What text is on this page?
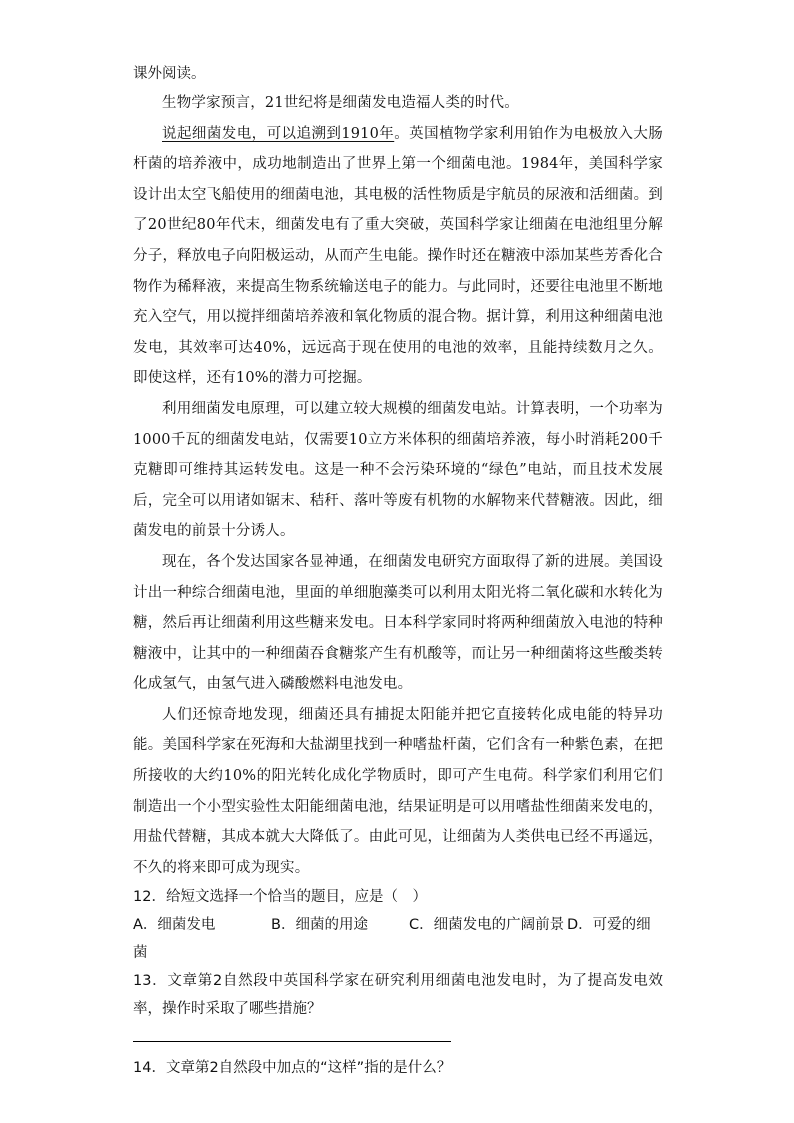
课外阅读。

生物学家预言，21世纪将是细菌发电造福人类的时代。

说起细菌发电，可以追溯到1910年。英国植物学家利用铂作为电极放入大肠杆菌的培养液中，成功地制造出了世界上第一个细菌电池。1984年，美国科学家设计出太空飞船使用的细菌电池，其电极的活性物质是宇航员的尿液和活细菌。到了20世纪80年代末，细菌发电有了重大突破，英国科学家让细菌在电池组里分解分子，释放电子向阳极运动，从而产生电能。操作时还在糖液中添加某些芳香化合物作为稀释液，来提高生物系统输送电子的能力。与此同时，还要往电池里不断地充入空气，用以搅拌细菌培养液和氧化物质的混合物。据计算，利用这种细菌电池发电，其效率可达40%，远远高于现在使用的电池的效率，且能持续数月之久。即使这样，还有10%的潜力可挖掘。

利用细菌发电原理，可以建立较大规模的细菌发电站。计算表明，一个功率为1000千瓦的细菌发电站，仅需要10立方米体积的细菌培养液，每小时消耗200千克糖即可维持其运转发电。这是一种不会污染环境的“绿色”电站，而且技术发展后，完全可以用诸如锯末、秸秆、落叶等废有机物的水解物来代替糖液。因此，细菌发电的前景十分诱人。

现在，各个发达国家各显神通，在细菌发电研究方面取得了新的进展。美国设计出一种综合细菌电池，里面的单细胞藻类可以利用太阳光将二氧化碳和水转化为糖，然后再让细菌利用这些糖来发电。日本科学家同时将两种细菌放入电池的特种糖液中，让其中的一种细菌吞食糖浆产生有机酸等，而让另一种细菌将这些酸类转化成氢气，由氢气进入磷酸燃料电池发电。

人们还惊奇地发现，细菌还具有捕捉太阳能并把它直接转化成电能的特异功能。美国科学家在死海和大盐湖里找到一种嗜盐杆菌，它们含有一种紫色素，在把所接收的大约10%的阳光转化成化学物质时，即可产生电荷。科学家们利用它们制造出一个小型实验性太阳能细菌电池，结果证明是可以用嗜盐性细菌来发电的，用盐代替糖，其成本就大大降低了。由此可见，让细菌为人类供电已经不再遥远，不久的将来即可成为现实。

12．给短文选择一个恰当的题目，应是（　）

A．细菌发电	B．细菌的用途	C．细菌发电的广阔前景 D．可爱的细菌

13．文章第2自然段中英国科学家在研究利用细菌电池发电时，为了提高发电效率，操作时采取了哪些措施？

14．文章第2自然段中加点的“这样”指的是什么？
